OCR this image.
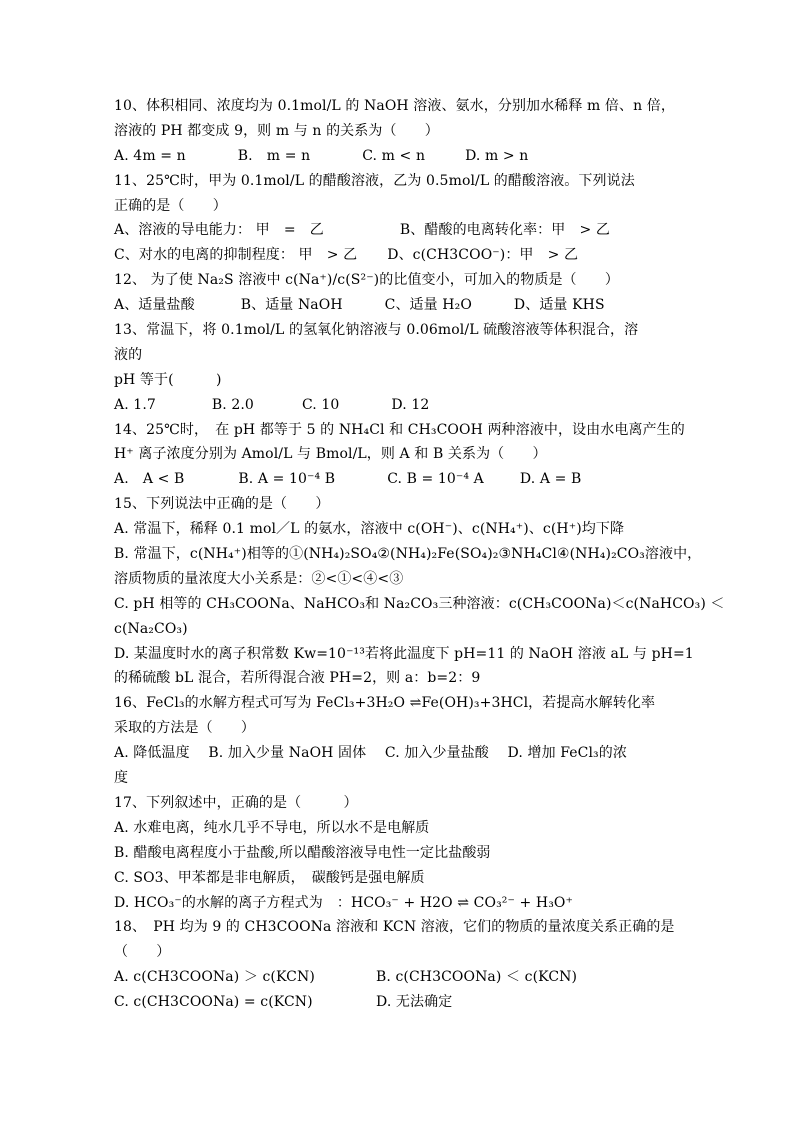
10、体积相同、浓度均为 0.1mol/L 的 NaOH 溶液、氨水，分别加水稀释 m 倍、n 倍，
溶液的 PH 都变成 9，则 m 与 n 的关系为（　　）
A. 4m = n	B.　m = n	C. m < n	D. m > n
11、25℃时，甲为 0.1mol/L 的醋酸溶液，乙为 0.5mol/L 的醋酸溶液。下列说法
正确的是（　　）
A、溶液的导电能力： 甲　=　乙	B、醋酸的电离转化率：甲　> 乙
C、对水的电离的抑制程度： 甲　> 乙 D、c(CH3COO⁻)：甲　> 乙
12、 为了使 Na₂S 溶液中 c(Na⁺)/c(S²⁻)的比值变小，可加入的物质是（　　）
A、适量盐酸	B、适量 NaOH	C、适量 H₂O	D、适量 KHS
13、常温下，将 0.1mol/L 的氢氧化钠溶液与 0.06mol/L 硫酸溶液等体积混合，溶
液的
pH 等于(　　　)
A. 1.7	B. 2.0	C. 10	D. 12
14、25℃时，　在 pH 都等于 5 的 NH₄Cl 和 CH₃COOH 两种溶液中，设由水电离产生的
H⁺ 离子浓度分别为 Amol/L 与 Bmol/L，则 A 和 B 关系为（　　）
A.　A < B	B. A = 10⁻⁴ B	C. B = 10⁻⁴ A	D. A = B
15、下列说法中正确的是（　　）
A. 常温下，稀释 0.1 mol／L 的氨水，溶液中 c(OH⁻)、c(NH₄⁺)、c(H⁺)均下降
B. 常温下，c(NH₄⁺)相等的①(NH₄)₂SO₄②(NH₄)₂Fe(SO₄)₂③NH₄Cl④(NH₄)₂CO₃溶液中，
溶质物质的量浓度大小关系是：②<①<④<③
C. pH 相等的 CH₃COONa、NaHCO₃和 Na₂CO₃三种溶液：c(CH₃COONa)＜c(NaHCO₃) ＜
c(Na₂CO₃)
D. 某温度时水的离子积常数 Kw=10⁻¹³若将此温度下 pH=11 的 NaOH 溶液 aL 与 pH=1
的稀硫酸 bL 混合，若所得混合液 PH=2，则 a：b=2：9
16、FeCl₃的水解方程式可写为 FeCl₃+3H₂O ⇌Fe(OH)₃+3HCl，若提高水解转化率
采取的方法是（　　）
A. 降低温度　 B. 加入少量 NaOH 固体　 C. 加入少量盐酸　 D. 增加 FeCl₃的浓
度
17、下列叙述中，正确的是（　　　）
A. 水难电离，纯水几乎不导电，所以水不是电解质
B. 醋酸电离程度小于盐酸,所以醋酸溶液导电性一定比盐酸弱
C. SO3、甲苯都是非电解质，　碳酸钙是强电解质
D. HCO₃⁻的水解的离子方程式为　：HCO₃⁻ + H2O ⇌ CO₃²⁻ + H₃O⁺
18、　PH 均为 9 的 CH3COONa 溶液和 KCN 溶液，它们的物质的量浓度关系正确的是
（　　）
A. c(CH3COONa) ＞ c(KCN)	B. c(CH3COONa) ＜ c(KCN)
C. c(CH3COONa) = c(KCN)	D. 无法确定
